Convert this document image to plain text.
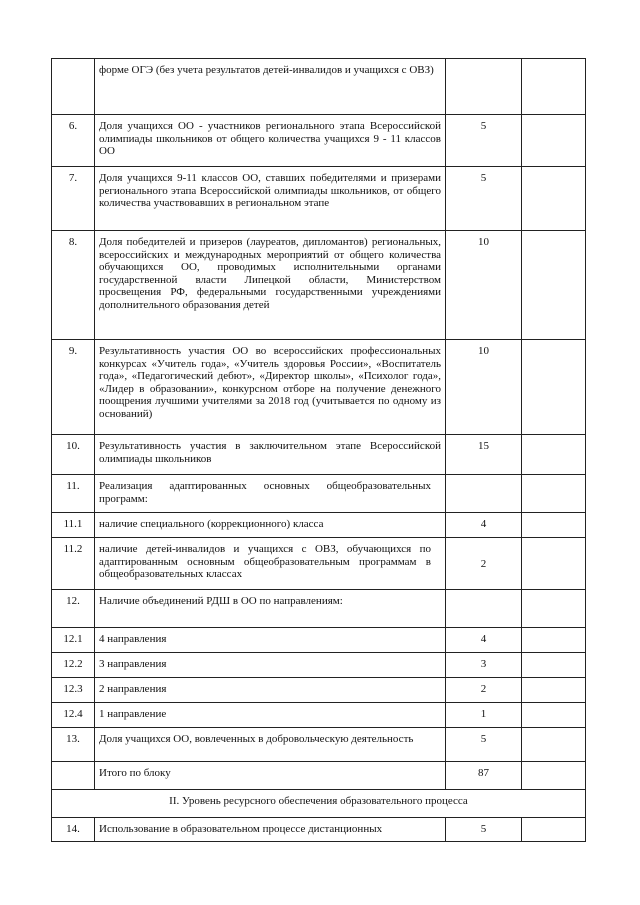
	форме ОГЭ (без учета результатов детей-инвалидов и учащихся с ОВЗ)		
6.	Доля учащихся ОО - участников регионального этапа Всероссийской олимпиады школьников от общего количества учащихся 9 - 11 классов ОО	5	
7.	Доля учащихся 9-11 классов ОО, ставших победителями и призерами регионального этапа Всероссийской олимпиады школьников, от общего количества участвовавших в региональном этапе	5	
8.	Доля победителей и призеров (лауреатов, дипломантов) региональных, всероссийских и международных мероприятий от общего количества обучающихся ОО, проводимых исполнительными органами государственной власти Липецкой области, Министерством просвещения РФ, федеральными государственными учреждениями дополнительного образования детей	10	
9.	Результативность участия ОО во всероссийских профессиональных конкурсах «Учитель года», «Учитель здоровья России», «Воспитатель года», «Педагогический дебют», «Директор школы», «Психолог года», «Лидер в образовании», конкурсном отборе на получение денежного поощрения лучшими учителями за 2018 год (учитывается по одному из оснований)	10	
10.	Результативность участия в заключительном этапе Всероссийской олимпиады школьников	15	
11.	Реализация адаптированных основных общеобразовательных программ:		
11.1	наличие специального (коррекционного) класса	4	
11.2	наличие детей-инвалидов и учащихся с ОВЗ, обучающихся по адаптированным основным общеобразовательным программам в общеобразовательных классах	2	
12.	Наличие объединений РДШ в ОО по направлениям:		
12.1	4 направления	4	
12.2	3 направления	3	
12.3	2 направления	2	
12.4	1 направление	1	
13.	Доля учащихся ОО, вовлеченных в добровольческую деятельность	5	
	Итого по блоку	87	
II. Уровень ресурсного обеспечения образовательного процесса			
14.	Использование в образовательном процессе дистанционных	5	
